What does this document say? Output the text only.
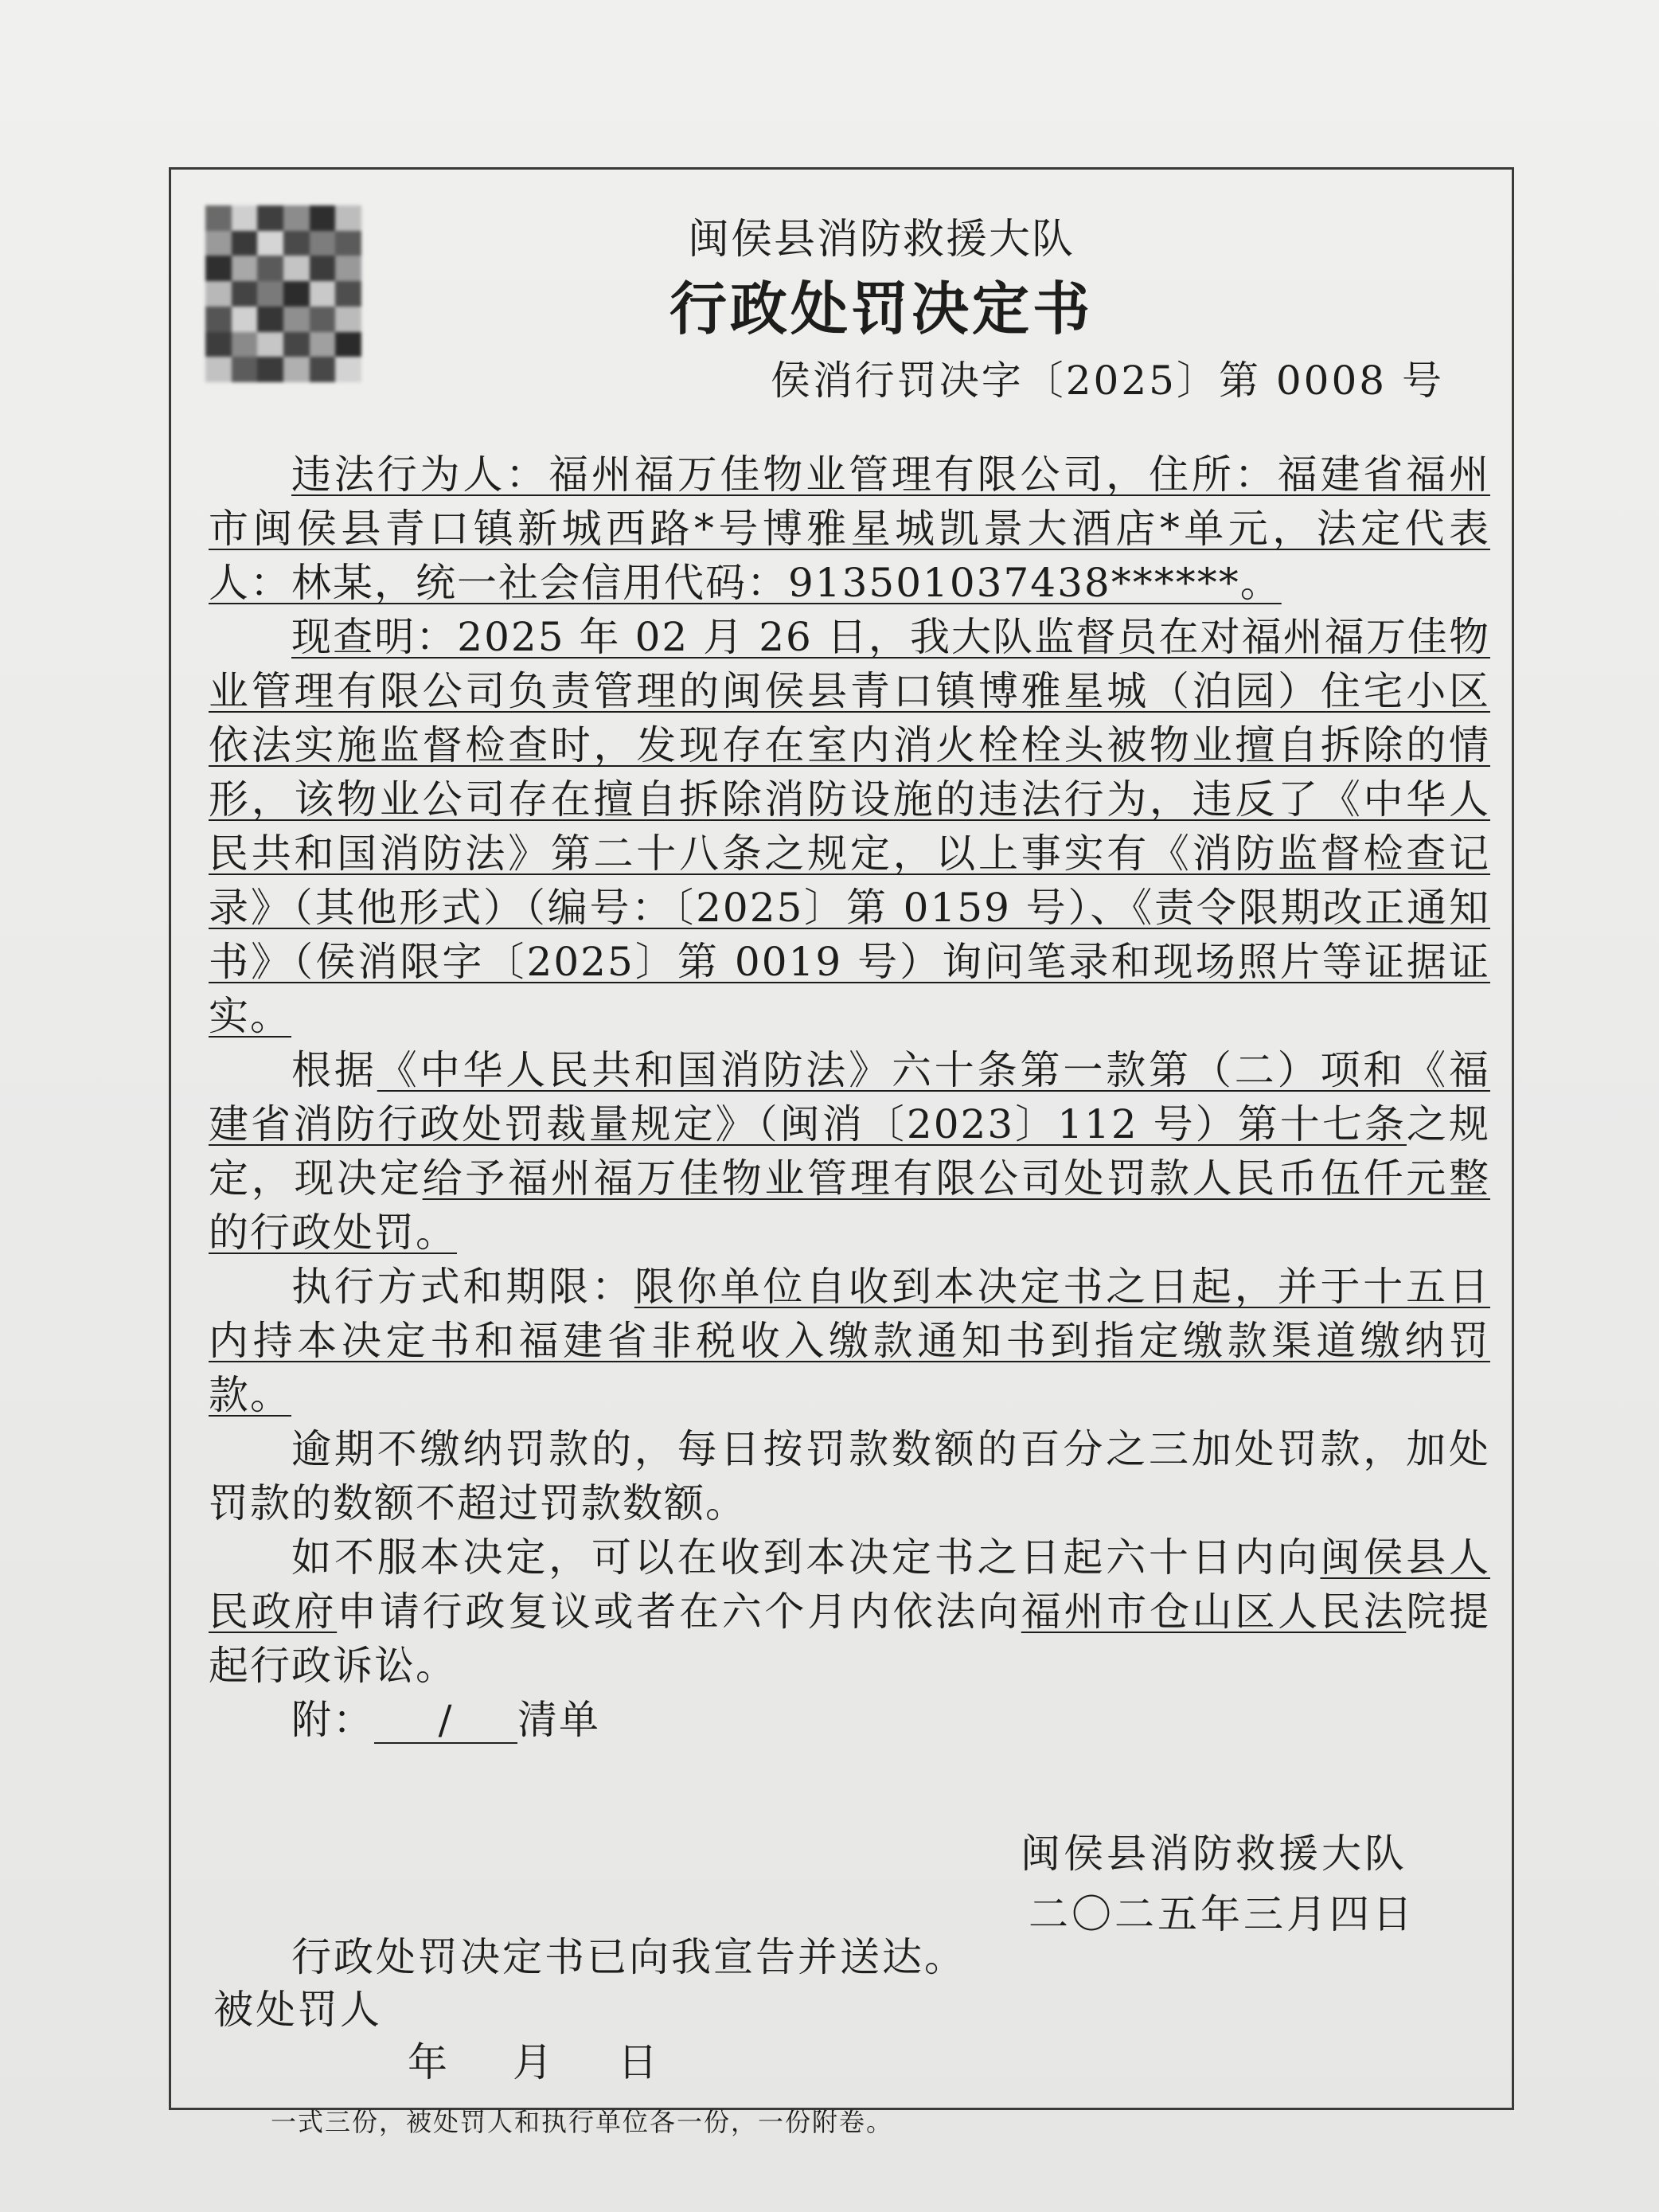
闽侯县消防救援大队
行政处罚决定书
侯消行罚决字〔2025〕第 0008 号

违法行为人：福州福万佳物业管理有限公司，住所：福建省福州市闽侯县青口镇新城西路*号博雅星城凯景大酒店*单元，法定代表人：林某，统一社会信用代码：913501037438******。

现查明：2025 年 02 月 26 日，我大队监督员在对福州福万佳物业管理有限公司负责管理的闽侯县青口镇博雅星城（泊园）住宅小区依法实施监督检查时，发现存在室内消火栓栓头被物业擅自拆除的情形，该物业公司存在擅自拆除消防设施的违法行为，违反了《中华人民共和国消防法》第二十八条之规定，以上事实有《消防监督检查记录》（其他形式）（编号：〔2025〕第 0159 号）、《责令限期改正通知书》（侯消限字〔2025〕第 0019 号）询问笔录和现场照片等证据证实。

根据《中华人民共和国消防法》六十条第一款第（二）项和《福建省消防行政处罚裁量规定》（闽消〔2023〕112 号）第十七条之规定，现决定给予福州福万佳物业管理有限公司处罚款人民币伍仟元整的行政处罚。

执行方式和期限：限你单位自收到本决定书之日起，并于十五日内持本决定书和福建省非税收入缴款通知书到指定缴款渠道缴纳罚款。

逾期不缴纳罚款的，每日按罚款数额的百分之三加处罚款，加处罚款的数额不超过罚款数额。

如不服本决定，可以在收到本决定书之日起六十日内向闽侯县人民政府申请行政复议或者在六个月内依法向福州市仓山区人民法院提起行政诉讼。

附： / 清单

闽侯县消防救援大队
二〇二五年三月四日
行政处罚决定书已向我宣告并送达。
被处罚人
年 月 日
一式三份，被处罚人和执行单位各一份，一份附卷。
